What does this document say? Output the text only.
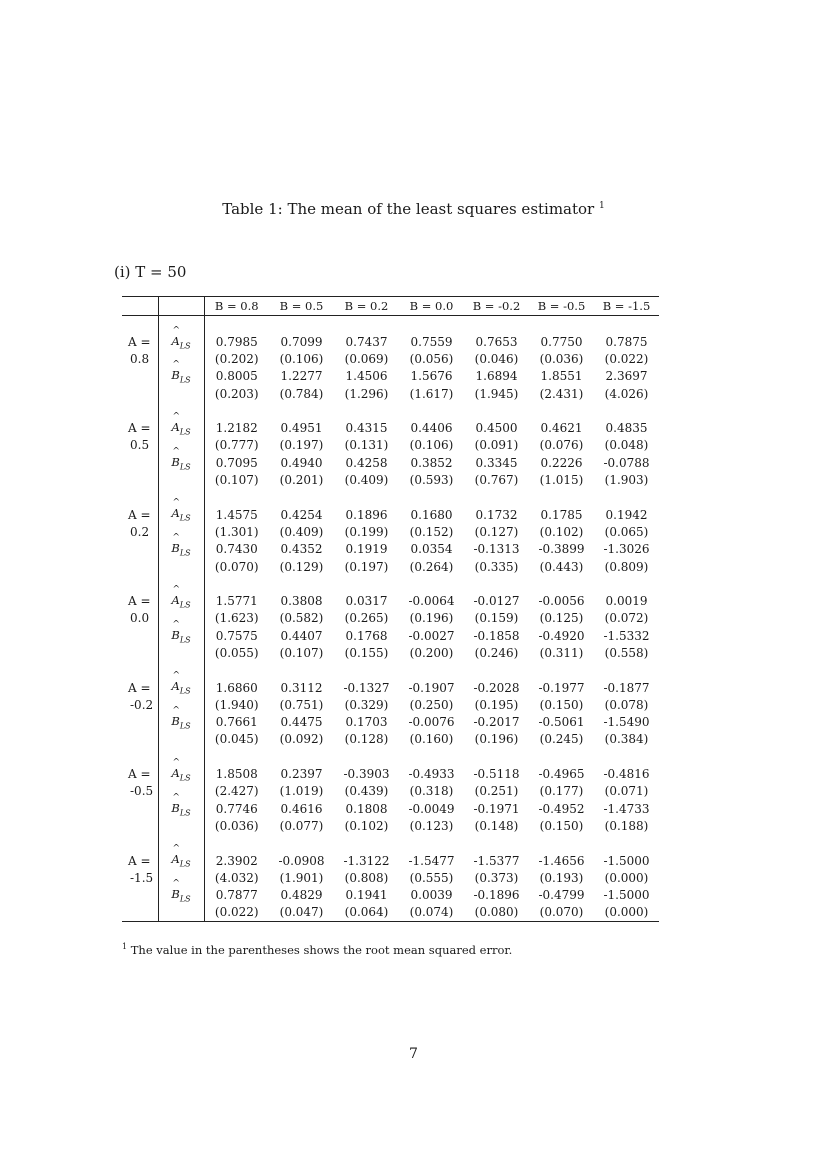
Table 1: The mean of the least squares estimator $^1$
(i) T = 50
		B = 0.8	B = 0.5	B = 0.2	B = 0.0	B = -0.2	B = -0.5	B = -1.5

A =	^ $A_{LS}$	0.7985	0.7099	0.7437	0.7559	0.7653	0.7750	0.7875
0.8		(0.202)	(0.106)	(0.069)	(0.056)	(0.046)	(0.036)	(0.022)
	^ $B_{LS}$	0.8005	1.2277	1.4506	1.5676	1.6894	1.8551	2.3697
		(0.203)	(0.784)	(1.296)	(1.617)	(1.945)	(2.431)	(4.026)

A =	^ $A_{LS}$	1.2182	0.4951	0.4315	0.4406	0.4500	0.4621	0.4835
0.5		(0.777)	(0.197)	(0.131)	(0.106)	(0.091)	(0.076)	(0.048)
	^ $B_{LS}$	0.7095	0.4940	0.4258	0.3852	0.3345	0.2226	-0.0788
		(0.107)	(0.201)	(0.409)	(0.593)	(0.767)	(1.015)	(1.903)

A =	^ $A_{LS}$	1.4575	0.4254	0.1896	0.1680	0.1732	0.1785	0.1942
0.2		(1.301)	(0.409)	(0.199)	(0.152)	(0.127)	(0.102)	(0.065)
	^ $B_{LS}$	0.7430	0.4352	0.1919	0.0354	-0.1313	-0.3899	-1.3026
		(0.070)	(0.129)	(0.197)	(0.264)	(0.335)	(0.443)	(0.809)

A =	^ $A_{LS}$	1.5771	0.3808	0.0317	-0.0064	-0.0127	-0.0056	0.0019
0.0		(1.623)	(0.582)	(0.265)	(0.196)	(0.159)	(0.125)	(0.072)
	^ $B_{LS}$	0.7575	0.4407	0.1768	-0.0027	-0.1858	-0.4920	-1.5332
		(0.055)	(0.107)	(0.155)	(0.200)	(0.246)	(0.311)	(0.558)

A =	^ $A_{LS}$	1.6860	0.3112	-0.1327	-0.1907	-0.2028	-0.1977	-0.1877
-0.2		(1.940)	(0.751)	(0.329)	(0.250)	(0.195)	(0.150)	(0.078)
	^ $B_{LS}$	0.7661	0.4475	0.1703	-0.0076	-0.2017	-0.5061	-1.5490
		(0.045)	(0.092)	(0.128)	(0.160)	(0.196)	(0.245)	(0.384)

A =	^ $A_{LS}$	1.8508	0.2397	-0.3903	-0.4933	-0.5118	-0.4965	-0.4816
-0.5		(2.427)	(1.019)	(0.439)	(0.318)	(0.251)	(0.177)	(0.071)
	^ $B_{LS}$	0.7746	0.4616	0.1808	-0.0049	-0.1971	-0.4952	-1.4733
		(0.036)	(0.077)	(0.102)	(0.123)	(0.148)	(0.150)	(0.188)

A =	^ $A_{LS}$	2.3902	-0.0908	-1.3122	-1.5477	-1.5377	-1.4656	-1.5000
-1.5		(4.032)	(1.901)	(0.808)	(0.555)	(0.373)	(0.193)	(0.000)
	^ $B_{LS}$	0.7877	0.4829	0.1941	0.0039	-0.1896	-0.4799	-1.5000
		(0.022)	(0.047)	(0.064)	(0.074)	(0.080)	(0.070)	(0.000)
$^1$ The value in the parentheses shows the root mean squared error.
7
